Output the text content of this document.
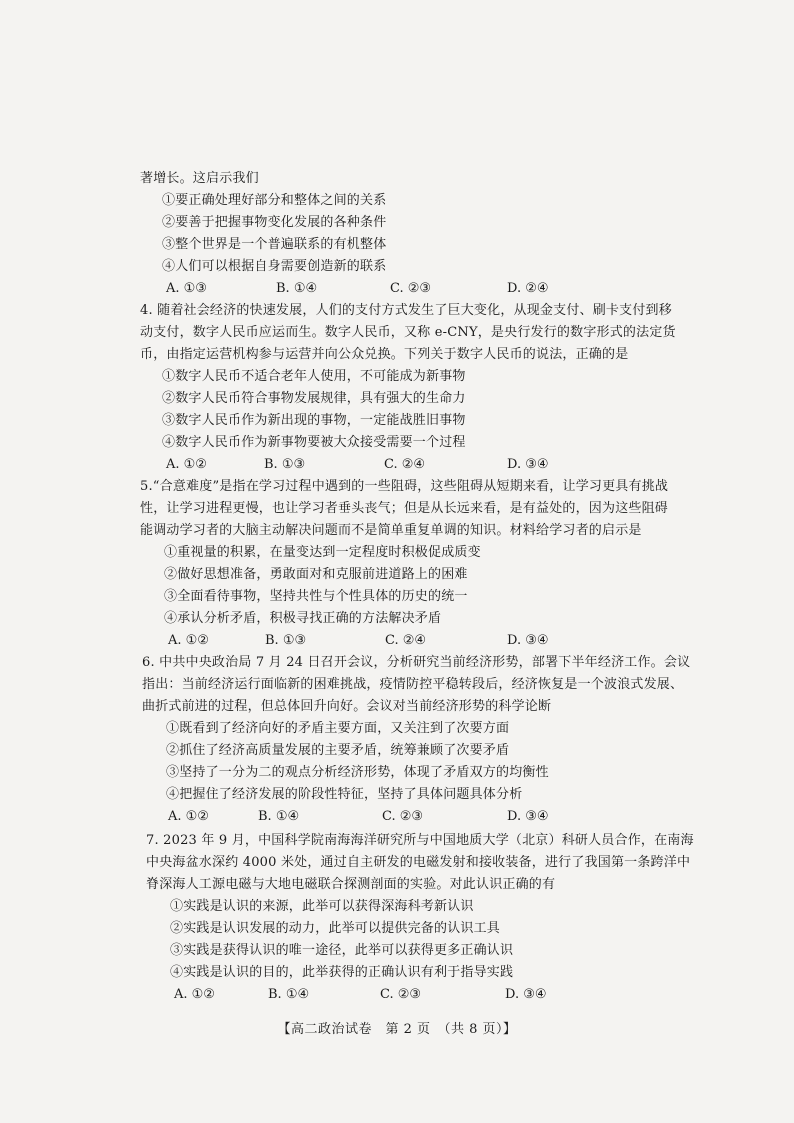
著增长。这启示我们
①要正确处理好部分和整体之间的关系
②要善于把握事物变化发展的各种条件
③整个世界是一个普遍联系的有机整体
④人们可以根据自身需要创造新的联系
A. ①③	B. ①④	C. ②③	D. ②④
4. 随着社会经济的快速发展，人们的支付方式发生了巨大变化，从现金支付、刷卡支付到移
动支付，数字人民币应运而生。数字人民币，又称 e-CNY，是央行发行的数字形式的法定货
币，由指定运营机构参与运营并向公众兑换。下列关于数字人民币的说法，正确的是
①数字人民币不适合老年人使用，不可能成为新事物
②数字人民币符合事物发展规律，具有强大的生命力
③数字人民币作为新出现的事物，一定能战胜旧事物
④数字人民币作为新事物要被大众接受需要一个过程
A. ①②	B. ①③	C. ②④	D. ③④
5.“合意难度”是指在学习过程中遇到的一些阻碍，这些阻碍从短期来看，让学习更具有挑战
性，让学习进程更慢，也让学习者垂头丧气；但是从长远来看，是有益处的，因为这些阻碍
能调动学习者的大脑主动解决问题而不是简单重复单调的知识。材料给学习者的启示是
①重视量的积累，在量变达到一定程度时积极促成质变
②做好思想准备，勇敢面对和克服前进道路上的困难
③全面看待事物，坚持共性与个性具体的历史的统一
④承认分析矛盾，积极寻找正确的方法解决矛盾
A. ①②	B. ①③	C. ②④	D. ③④
6. 中共中央政治局 7 月 24 日召开会议，分析研究当前经济形势，部署下半年经济工作。会议
指出：当前经济运行面临新的困难挑战，疫情防控平稳转段后，经济恢复是一个波浪式发展、
曲折式前进的过程，但总体回升向好。会议对当前经济形势的科学论断
①既看到了经济向好的矛盾主要方面，又关注到了次要方面
②抓住了经济高质量发展的主要矛盾，统筹兼顾了次要矛盾
③坚持了一分为二的观点分析经济形势，体现了矛盾双方的均衡性
④把握住了经济发展的阶段性特征，坚持了具体问题具体分析
A. ①②	B. ①④	C. ②③	D. ③④
7. 2023 年 9 月，中国科学院南海海洋研究所与中国地质大学（北京）科研人员合作，在南海
中央海盆水深约 4000 米处，通过自主研发的电磁发射和接收装备，进行了我国第一条跨洋中
脊深海人工源电磁与大地电磁联合探测剖面的实验。对此认识正确的有
①实践是认识的来源，此举可以获得深海科考新认识
②实践是认识发展的动力，此举可以提供完备的认识工具
③实践是获得认识的唯一途径，此举可以获得更多正确认识
④实践是认识的目的，此举获得的正确认识有利于指导实践
A. ①②	B. ①④	C. ②③	D. ③④
【高二政治试卷　第 2 页　（共 8 页）】
